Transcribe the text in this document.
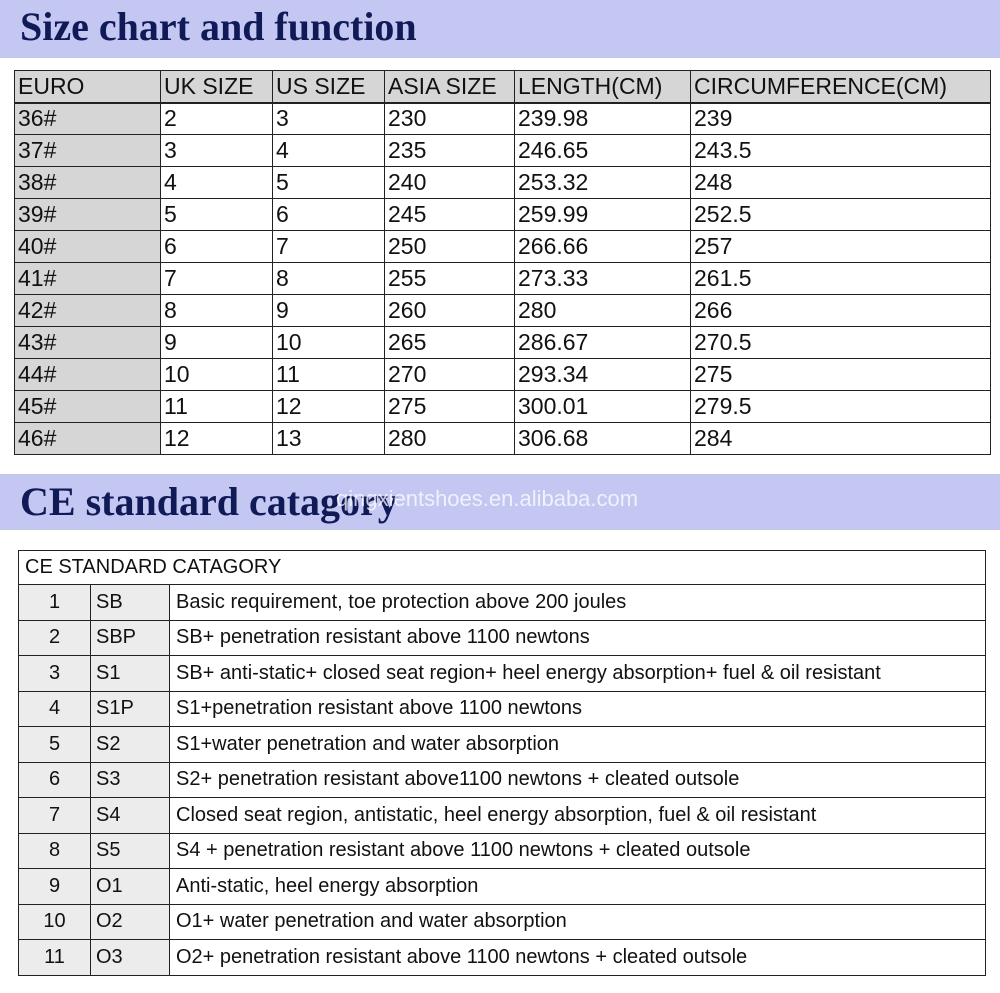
Size chart and function
EURO	UK SIZE	US SIZE	ASIA SIZE	LENGTH(CM)	CIRCUMFERENCE(CM)
36#	2	3	230	239.98	239
37#	3	4	235	246.65	243.5
38#	4	5	240	253.32	248
39#	5	6	245	259.99	252.5
40#	6	7	250	266.66	257
41#	7	8	255	273.33	261.5
42#	8	9	260	280	266
43#	9	10	265	286.67	270.5
44#	10	11	270	293.34	275
45#	11	12	275	300.01	279.5
46#	12	13	280	306.68	284
CE standard catagory
qingxientshoes.en.alibaba.com
CE STANDARD CATAGORY		
1	SB	Basic requirement, toe protection above 200 joules
2	SBP	SB+ penetration resistant above 1100 newtons
3	S1	SB+ anti-static+ closed seat region+ heel energy absorption+ fuel & oil resistant
4	S1P	S1+penetration resistant above 1100 newtons
5	S2	S1+water penetration and water absorption
6	S3	S2+ penetration resistant above1100 newtons + cleated outsole
7	S4	Closed seat region, antistatic, heel energy absorption, fuel & oil resistant
8	S5	S4 + penetration resistant above 1100 newtons + cleated outsole
9	O1	Anti-static, heel energy absorption
10	O2	O1+ water penetration and water absorption
11	O3	O2+ penetration resistant above 1100 newtons + cleated outsole
